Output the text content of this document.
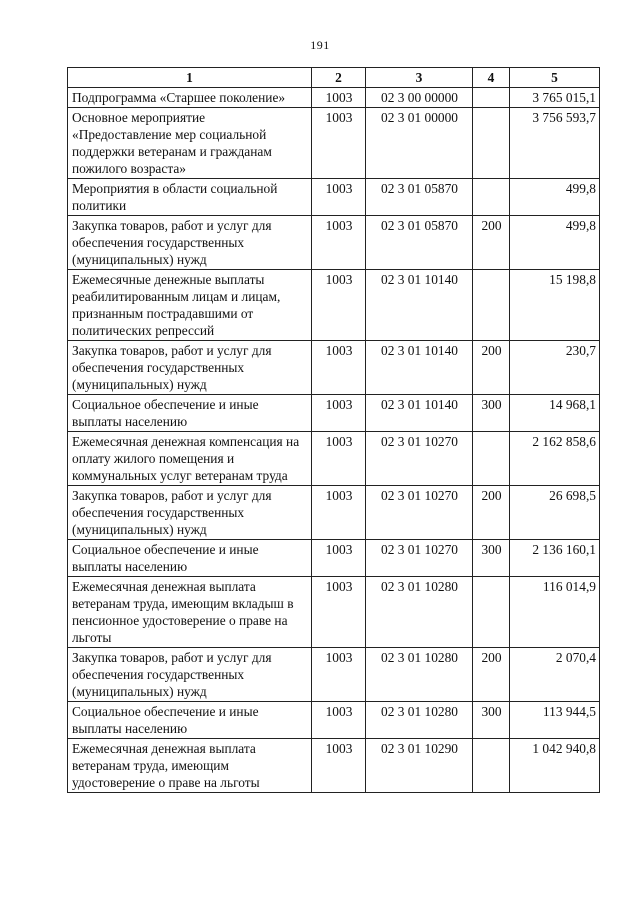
191
1	2	3	4	5
Подпрограмма «Старшее поколение»	1003	02 3 00 00000		3 765 015,1
Основное мероприятие «Предоставление мер социальной поддержки ветеранам и гражданам пожилого возраста»	1003	02 3 01 00000		3 756 593,7
Мероприятия в области социальной политики	1003	02 3 01 05870		499,8
Закупка товаров, работ и услуг для обеспечения государственных (муниципальных) нужд	1003	02 3 01 05870	200	499,8
Ежемесячные денежные выплаты реабилитированным лицам и лицам, признанным пострадавшими от политических репрессий	1003	02 3 01 10140		15 198,8
Закупка товаров, работ и услуг для обеспечения государственных (муниципальных) нужд	1003	02 3 01 10140	200	230,7
Социальное обеспечение и иные выплаты населению	1003	02 3 01 10140	300	14 968,1
Ежемесячная денежная компенсация на оплату жилого помещения и коммунальных услуг ветеранам труда	1003	02 3 01 10270		2 162 858,6
Закупка товаров, работ и услуг для обеспечения государственных (муниципальных) нужд	1003	02 3 01 10270	200	26 698,5
Социальное обеспечение и иные выплаты населению	1003	02 3 01 10270	300	2 136 160,1
Ежемесячная денежная выплата ветеранам труда, имеющим вкладыш в пенсионное удостоверение о праве на льготы	1003	02 3 01 10280		116 014,9
Закупка товаров, работ и услуг для обеспечения государственных (муниципальных) нужд	1003	02 3 01 10280	200	2 070,4
Социальное обеспечение и иные выплаты населению	1003	02 3 01 10280	300	113 944,5
Ежемесячная денежная выплата ветеранам труда, имеющим удостоверение о праве на льготы	1003	02 3 01 10290		1 042 940,8
